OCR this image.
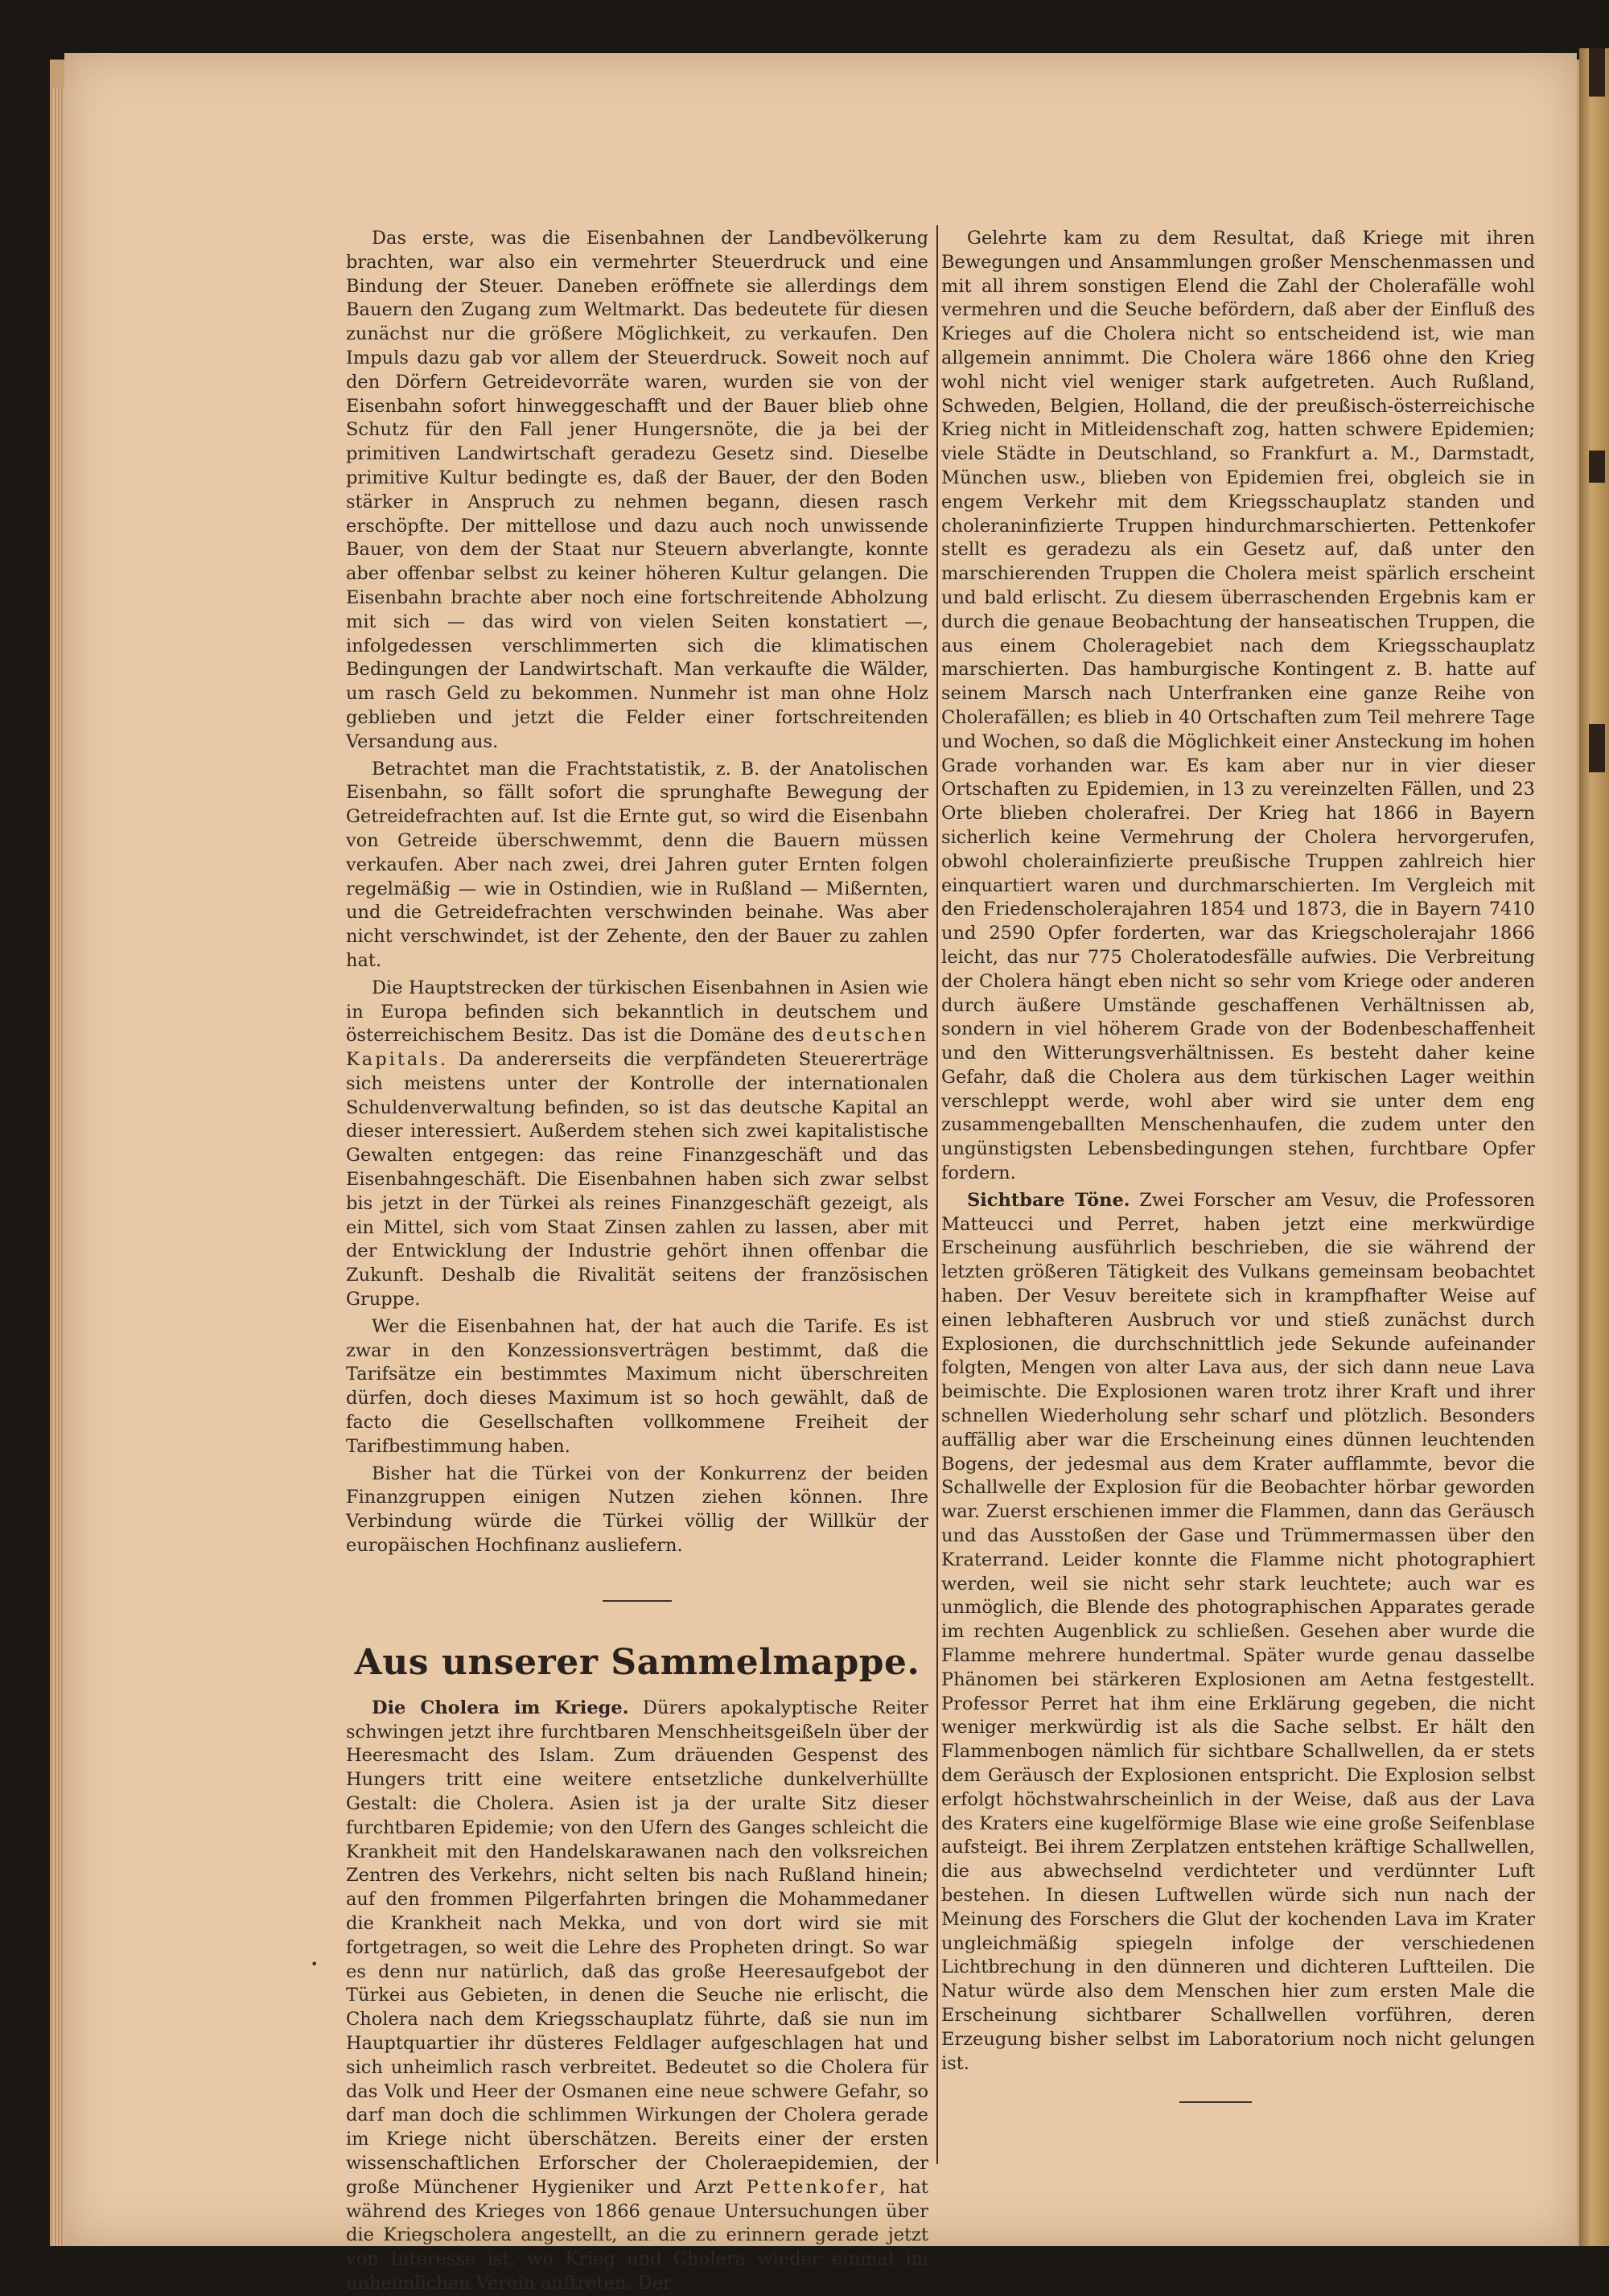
Das erste, was die Eisenbahnen der Landbevölkerung brachten, war also ein vermehrter Steuerdruck und eine Bindung der Steuer. Daneben eröffnete sie allerdings dem Bauern den Zugang zum Weltmarkt. Das bedeutete für diesen zunächst nur die größere Möglichkeit, zu verkaufen. Den Impuls dazu gab vor allem der Steuerdruck. Soweit noch auf den Dörfern Getreidevorräte waren, wurden sie von der Eisenbahn sofort hinweggeschafft und der Bauer blieb ohne Schutz für den Fall jener Hungersnöte, die ja bei der primitiven Landwirtschaft geradezu Gesetz sind. Dieselbe primitive Kultur bedingte es, daß der Bauer, der den Boden stärker in Anspruch zu nehmen begann, diesen rasch erschöpfte. Der mittellose und dazu auch noch unwissende Bauer, von dem der Staat nur Steuern abverlangte, konnte aber offenbar selbst zu keiner höheren Kultur gelangen. Die Eisenbahn brachte aber noch eine fortschreitende Abholzung mit sich — das wird von vielen Seiten konstatiert —, infolgedessen verschlimmerten sich die klimatischen Bedingungen der Landwirtschaft. Man verkaufte die Wälder, um rasch Geld zu bekommen. Nunmehr ist man ohne Holz geblieben und jetzt die Felder einer fortschreitenden Versandung aus.

Betrachtet man die Frachtstatistik, z. B. der Anatolischen Eisenbahn, so fällt sofort die sprunghafte Bewegung der Getreidefrachten auf. Ist die Ernte gut, so wird die Eisenbahn von Getreide überschwemmt, denn die Bauern müssen verkaufen. Aber nach zwei, drei Jahren guter Ernten folgen regelmäßig — wie in Ostindien, wie in Rußland — Mißernten, und die Getreidefrachten verschwinden beinahe. Was aber nicht verschwindet, ist der Zehente, den der Bauer zu zahlen hat.

Die Hauptstrecken der türkischen Eisenbahnen in Asien wie in Europa befinden sich bekanntlich in deutschem und österreichischem Besitz. Das ist die Domäne des deutschen Kapitals. Da andererseits die verpfändeten Steuererträge sich meistens unter der Kontrolle der internationalen Schuldenverwaltung befinden, so ist das deutsche Kapital an dieser interessiert. Außerdem stehen sich zwei kapitalistische Gewalten entgegen: das reine Finanzgeschäft und das Eisenbahngeschäft. Die Eisenbahnen haben sich zwar selbst bis jetzt in der Türkei als reines Finanzgeschäft gezeigt, als ein Mittel, sich vom Staat Zinsen zahlen zu lassen, aber mit der Entwicklung der Industrie gehört ihnen offenbar die Zukunft. Deshalb die Rivalität seitens der französischen Gruppe.

Wer die Eisenbahnen hat, der hat auch die Tarife. Es ist zwar in den Konzessionsverträgen bestimmt, daß die Tarifsätze ein bestimmtes Maximum nicht überschreiten dürfen, doch dieses Maximum ist so hoch gewählt, daß de facto die Gesellschaften vollkommene Freiheit der Tarifbestimmung haben.

Bisher hat die Türkei von der Konkurrenz der beiden Finanzgruppen einigen Nutzen ziehen können. Ihre Verbindung würde die Türkei völlig der Willkür der europäischen Hochfinanz ausliefern.

Aus unserer Sammelmappe.

Die Cholera im Kriege. Dürers apokalyptische Reiter schwingen jetzt ihre furchtbaren Menschheitsgeißeln über der Heeresmacht des Islam. Zum dräuenden Gespenst des Hungers tritt eine weitere entsetzliche dunkelverhüllte Gestalt: die Cholera. Asien ist ja der uralte Sitz dieser furchtbaren Epidemie; von den Ufern des Ganges schleicht die Krankheit mit den Handelskarawanen nach den volksreichen Zentren des Verkehrs, nicht selten bis nach Rußland hinein; auf den frommen Pilgerfahrten bringen die Mohammedaner die Krankheit nach Mekka, und von dort wird sie mit fortgetragen, so weit die Lehre des Propheten dringt. So war es denn nur natürlich, daß das große Heeresaufgebot der Türkei aus Gebieten, in denen die Seuche nie erlischt, die Cholera nach dem Kriegsschauplatz führte, daß sie nun im Hauptquartier ihr düsteres Feldlager aufgeschlagen hat und sich unheimlich rasch verbreitet. Bedeutet so die Cholera für das Volk und Heer der Osmanen eine neue schwere Gefahr, so darf man doch die schlimmen Wirkungen der Cholera gerade im Kriege nicht überschätzen. Bereits einer der ersten wissenschaftlichen Erforscher der Choleraepidemien, der große Münchener Hygieniker und Arzt Pettenkofer, hat während des Krieges von 1866 genaue Untersuchungen über die Kriegscholera angestellt, an die zu erinnern gerade jetzt von Interesse ist, wo Krieg und Cholera wieder einmal im unheimlichen Verein auftreten. Der

Gelehrte kam zu dem Resultat, daß Kriege mit ihren Bewegungen und Ansammlungen großer Menschenmassen und mit all ihrem sonstigen Elend die Zahl der Cholerafälle wohl vermehren und die Seuche befördern, daß aber der Einfluß des Krieges auf die Cholera nicht so entscheidend ist, wie man allgemein annimmt. Die Cholera wäre 1866 ohne den Krieg wohl nicht viel weniger stark aufgetreten. Auch Rußland, Schweden, Belgien, Holland, die der preußisch-österreichische Krieg nicht in Mitleidenschaft zog, hatten schwere Epidemien; viele Städte in Deutschland, so Frankfurt a. M., Darmstadt, München usw., blieben von Epidemien frei, obgleich sie in engem Verkehr mit dem Kriegsschauplatz standen und choleraninfizierte Truppen hindurchmarschierten. Pettenkofer stellt es geradezu als ein Gesetz auf, daß unter den marschierenden Truppen die Cholera meist spärlich erscheint und bald erlischt. Zu diesem überraschenden Ergebnis kam er durch die genaue Beobachtung der hanseatischen Truppen, die aus einem Choleragebiet nach dem Kriegsschauplatz marschierten. Das hamburgische Kontingent z. B. hatte auf seinem Marsch nach Unterfranken eine ganze Reihe von Cholerafällen; es blieb in 40 Ortschaften zum Teil mehrere Tage und Wochen, so daß die Möglichkeit einer Ansteckung im hohen Grade vorhanden war. Es kam aber nur in vier dieser Ortschaften zu Epidemien, in 13 zu vereinzelten Fällen, und 23 Orte blieben cholerafrei. Der Krieg hat 1866 in Bayern sicherlich keine Vermehrung der Cholera hervorgerufen, obwohl cholerainfizierte preußische Truppen zahlreich hier einquartiert waren und durchmarschierten. Im Vergleich mit den Friedenscholerajahren 1854 und 1873, die in Bayern 7410 und 2590 Opfer forderten, war das Kriegscholerajahr 1866 leicht, das nur 775 Choleratodesfälle aufwies. Die Verbreitung der Cholera hängt eben nicht so sehr vom Kriege oder anderen durch äußere Umstände geschaffenen Verhältnissen ab, sondern in viel höherem Grade von der Bodenbeschaffenheit und den Witterungsverhältnissen. Es besteht daher keine Gefahr, daß die Cholera aus dem türkischen Lager weithin verschleppt werde, wohl aber wird sie unter dem eng zusammengeballten Menschenhaufen, die zudem unter den ungünstigsten Lebensbedingungen stehen, furchtbare Opfer fordern.

Sichtbare Töne. Zwei Forscher am Vesuv, die Professoren Matteucci und Perret, haben jetzt eine merkwürdige Erscheinung ausführlich beschrieben, die sie während der letzten größeren Tätigkeit des Vulkans gemeinsam beobachtet haben. Der Vesuv bereitete sich in krampfhafter Weise auf einen lebhafteren Ausbruch vor und stieß zunächst durch Explosionen, die durchschnittlich jede Sekunde aufeinander folgten, Mengen von alter Lava aus, der sich dann neue Lava beimischte. Die Explosionen waren trotz ihrer Kraft und ihrer schnellen Wiederholung sehr scharf und plötzlich. Besonders auffällig aber war die Erscheinung eines dünnen leuchtenden Bogens, der jedesmal aus dem Krater aufflammte, bevor die Schallwelle der Explosion für die Beobachter hörbar geworden war. Zuerst erschienen immer die Flammen, dann das Geräusch und das Ausstoßen der Gase und Trümmermassen über den Kraterrand. Leider konnte die Flamme nicht photographiert werden, weil sie nicht sehr stark leuchtete; auch war es unmöglich, die Blende des photographischen Apparates gerade im rechten Augenblick zu schließen. Gesehen aber wurde die Flamme mehrere hundertmal. Später wurde genau dasselbe Phänomen bei stärkeren Explosionen am Aetna festgestellt. Professor Perret hat ihm eine Erklärung gegeben, die nicht weniger merkwürdig ist als die Sache selbst. Er hält den Flammenbogen nämlich für sichtbare Schallwellen, da er stets dem Geräusch der Explosionen entspricht. Die Explosion selbst erfolgt höchstwahrscheinlich in der Weise, daß aus der Lava des Kraters eine kugelförmige Blase wie eine große Seifenblase aufsteigt. Bei ihrem Zerplatzen entstehen kräftige Schallwellen, die aus abwechselnd verdichteter und verdünnter Luft bestehen. In diesen Luftwellen würde sich nun nach der Meinung des Forschers die Glut der kochenden Lava im Krater ungleichmäßig spiegeln infolge der verschiedenen Lichtbrechung in den dünneren und dichteren Luftteilen. Die Natur würde also dem Menschen hier zum ersten Male die Erscheinung sichtbarer Schallwellen vorführen, deren Erzeugung bisher selbst im Laboratorium noch nicht gelungen ist.

•
